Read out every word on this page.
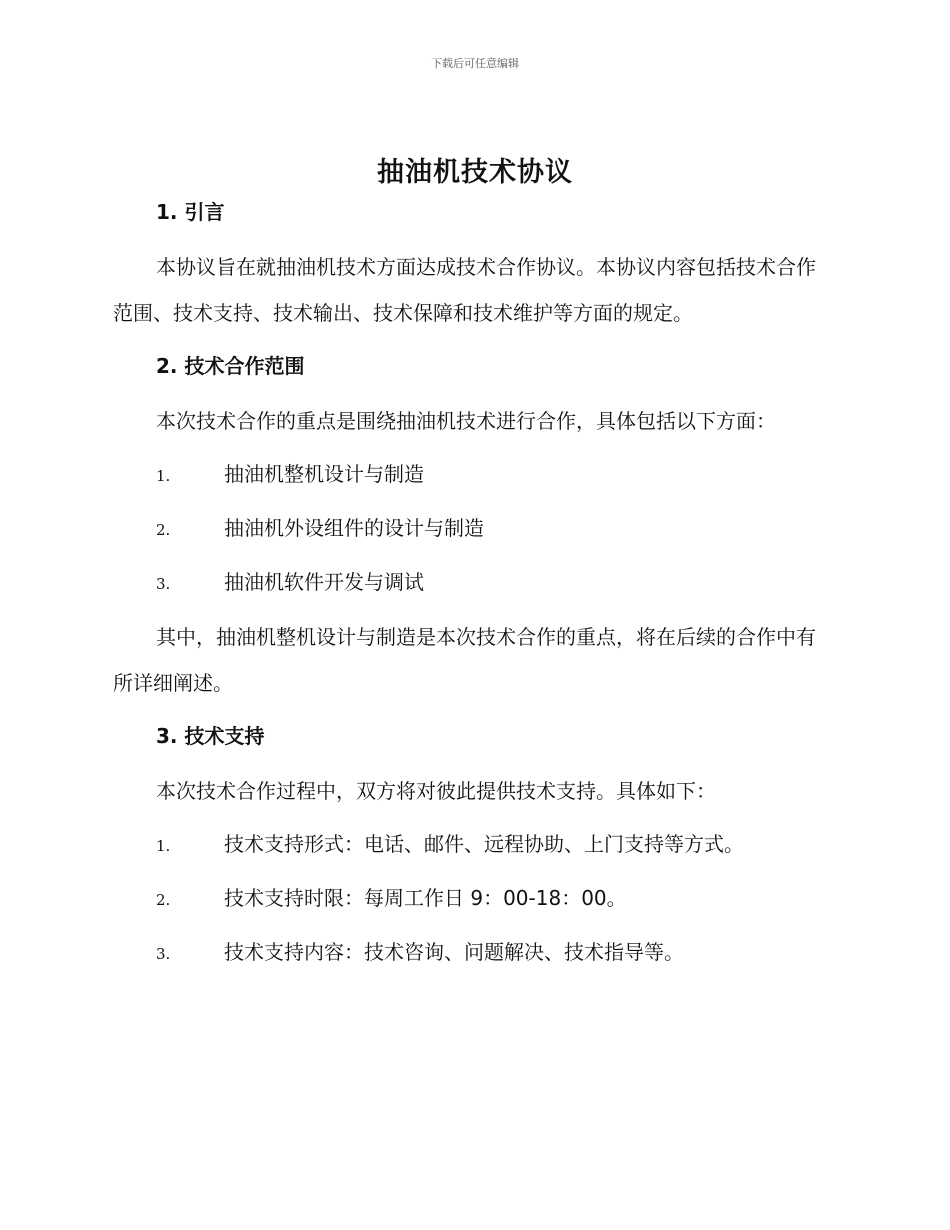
下载后可任意编辑
抽油机技术协议
1. 引言

本协议旨在就抽油机技术方面达成技术合作协议。本协议内容包括技术合作范围、技术支持、技术输出、技术保障和技术维护等方面的规定。

2. 技术合作范围

本次技术合作的重点是围绕抽油机技术进行合作，具体包括以下方面：

1.	抽油机整机设计与制造
2.	抽油机外设组件的设计与制造
3.	抽油机软件开发与调试

其中，抽油机整机设计与制造是本次技术合作的重点，将在后续的合作中有所详细阐述。

3. 技术支持

本次技术合作过程中，双方将对彼此提供技术支持。具体如下：

1.	技术支持形式：电话、邮件、远程协助、上门支持等方式。
2.	技术支持时限：每周工作日 9：00-18：00。
3.	技术支持内容：技术咨询、问题解决、技术指导等。
